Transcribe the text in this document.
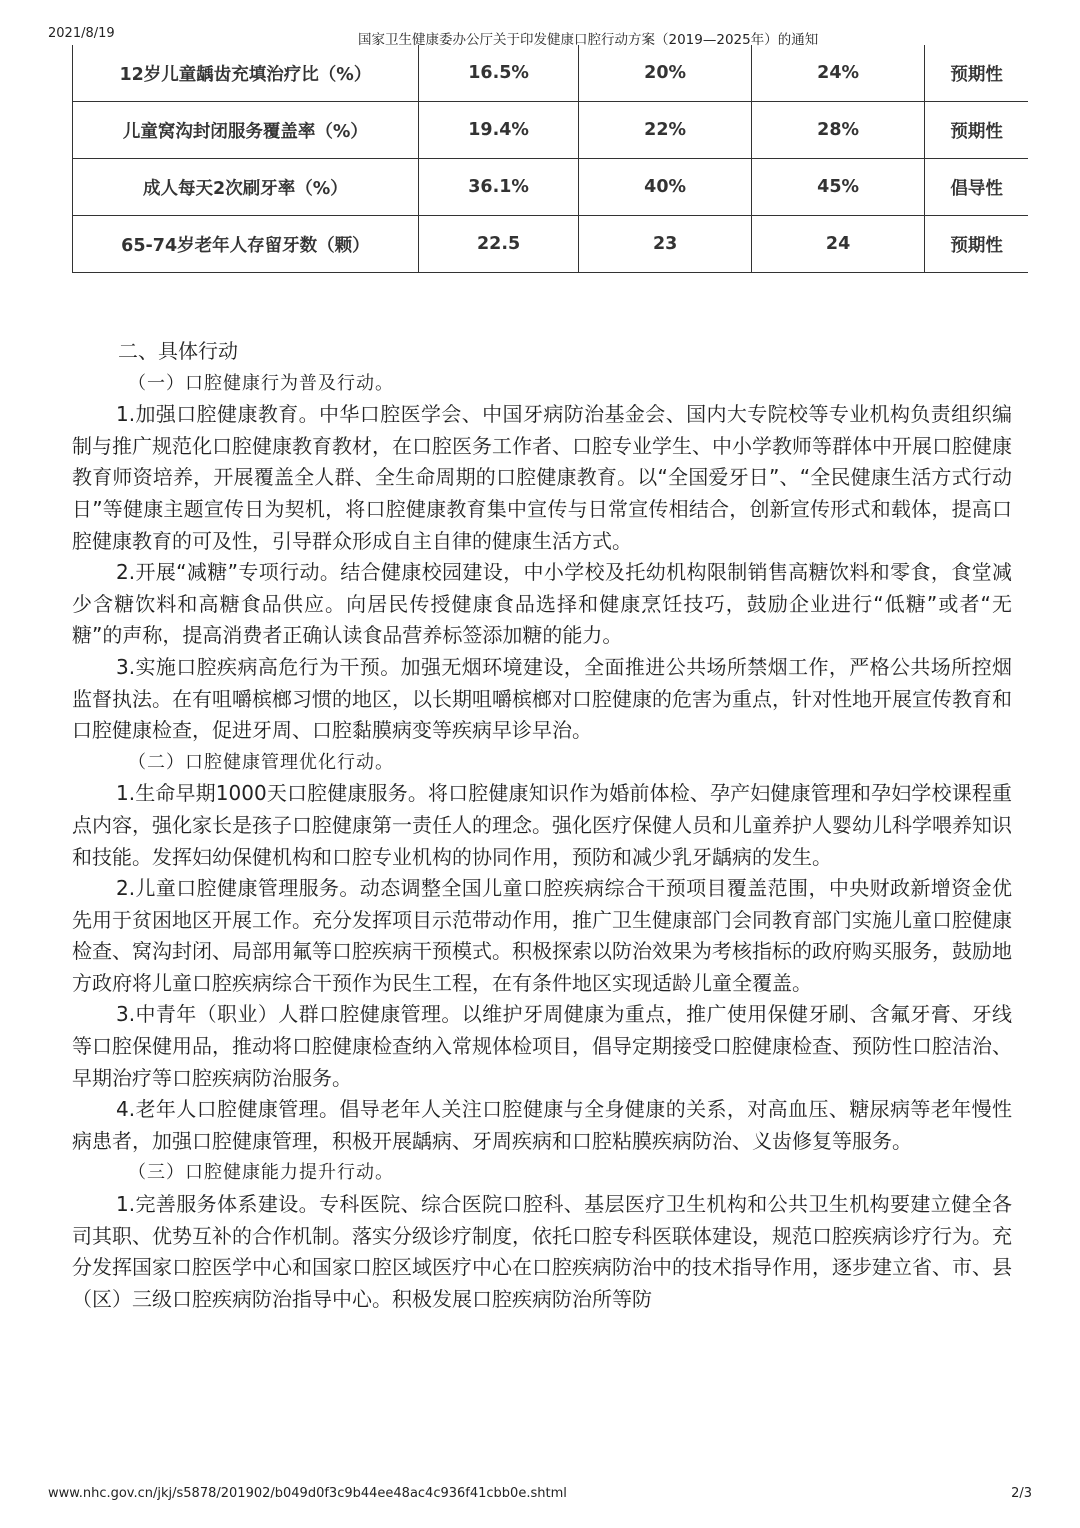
2021/8/19	国家卫生健康委办公厅关于印发健康口腔行动方案（2019—2025年）的通知
12岁儿童龋齿充填治疗比（%）	16.5%	20%	24%	预期性
儿童窝沟封闭服务覆盖率（%）	19.4%	22%	28%	预期性
成人每天2次刷牙率（%）	36.1%	40%	45%	倡导性
65-74岁老年人存留牙数（颗）	22.5	23	24	预期性

二、具体行动

（一）口腔健康行为普及行动。

1.加强口腔健康教育。中华口腔医学会、中国牙病防治基金会、国内大专院校等专业机构负责组织编制与推广规范化口腔健康教育教材，在口腔医务工作者、口腔专业学生、中小学教师等群体中开展口腔健康教育师资培养，开展覆盖全人群、全生命周期的口腔健康教育。以“全国爱牙日”、“全民健康生活方式行动日”等健康主题宣传日为契机，将口腔健康教育集中宣传与日常宣传相结合，创新宣传形式和载体，提高口腔健康教育的可及性，引导群众形成自主自律的健康生活方式。

2.开展“减糖”专项行动。结合健康校园建设，中小学校及托幼机构限制销售高糖饮料和零食，食堂减少含糖饮料和高糖食品供应。向居民传授健康食品选择和健康烹饪技巧，鼓励企业进行“低糖”或者“无糖”的声称，提高消费者正确认读食品营养标签添加糖的能力。

3.实施口腔疾病高危行为干预。加强无烟环境建设，全面推进公共场所禁烟工作，严格公共场所控烟监督执法。在有咀嚼槟榔习惯的地区，以长期咀嚼槟榔对口腔健康的危害为重点，针对性地开展宣传教育和口腔健康检查，促进牙周、口腔黏膜病变等疾病早诊早治。

（二）口腔健康管理优化行动。

1.生命早期1000天口腔健康服务。将口腔健康知识作为婚前体检、孕产妇健康管理和孕妇学校课程重点内容，强化家长是孩子口腔健康第一责任人的理念。强化医疗保健人员和儿童养护人婴幼儿科学喂养知识和技能。发挥妇幼保健机构和口腔专业机构的协同作用，预防和减少乳牙龋病的发生。

2.儿童口腔健康管理服务。动态调整全国儿童口腔疾病综合干预项目覆盖范围，中央财政新增资金优先用于贫困地区开展工作。充分发挥项目示范带动作用，推广卫生健康部门会同教育部门实施儿童口腔健康检查、窝沟封闭、局部用氟等口腔疾病干预模式。积极探索以防治效果为考核指标的政府购买服务，鼓励地方政府将儿童口腔疾病综合干预作为民生工程，在有条件地区实现适龄儿童全覆盖。

3.中青年（职业）人群口腔健康管理。以维护牙周健康为重点，推广使用保健牙刷、含氟牙膏、牙线等口腔保健用品，推动将口腔健康检查纳入常规体检项目，倡导定期接受口腔健康检查、预防性口腔洁治、早期治疗等口腔疾病防治服务。

4.老年人口腔健康管理。倡导老年人关注口腔健康与全身健康的关系，对高血压、糖尿病等老年慢性病患者，加强口腔健康管理，积极开展龋病、牙周疾病和口腔粘膜疾病防治、义齿修复等服务。

（三）口腔健康能力提升行动。

1.完善服务体系建设。专科医院、综合医院口腔科、基层医疗卫生机构和公共卫生机构要建立健全各司其职、优势互补的合作机制。落实分级诊疗制度，依托口腔专科医联体建设，规范口腔疾病诊疗行为。充分发挥国家口腔医学中心和国家口腔区域医疗中心在口腔疾病防治中的技术指导作用，逐步建立省、市、县（区）三级口腔疾病防治指导中心。积极发展口腔疾病防治所等防

www.nhc.gov.cn/jkj/s5878/201902/b049d0f3c9b44ee48ac4c936f41cbb0e.shtml	2/3
